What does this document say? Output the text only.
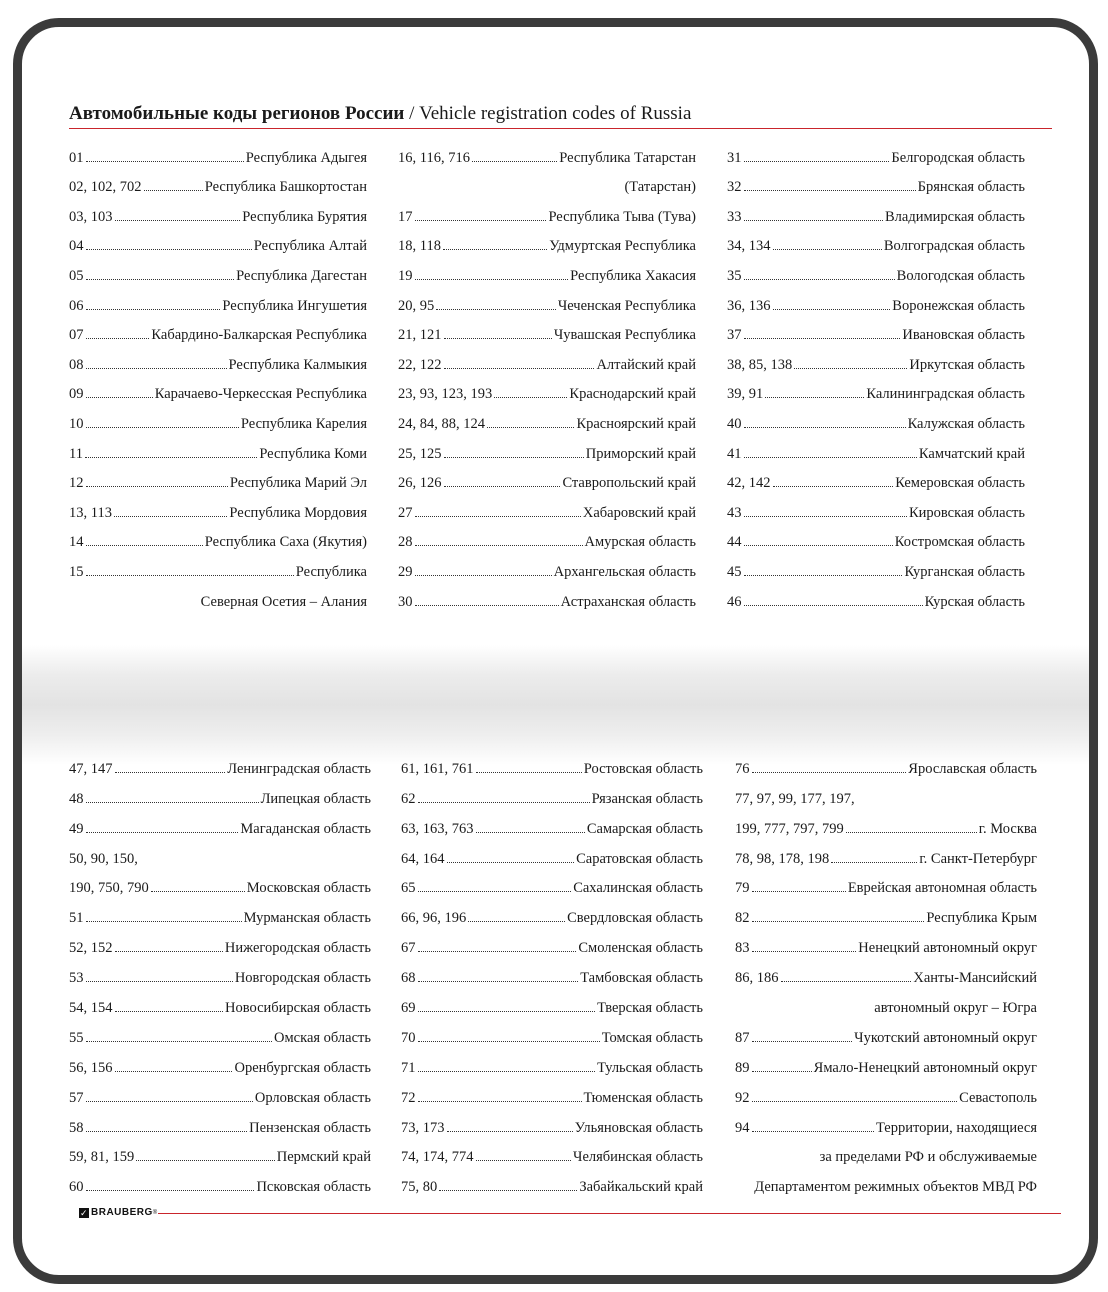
Автомобильные коды регионов России / Vehicle registration codes of Russia
01	Республика Адыгея
02, 102, 702	Республика Башкортостан
03, 103	Республика Бурятия
04	Республика Алтай
05	Республика Дагестан
06	Республика Ингушетия
07	Кабардино-Балкарская Республика
08	Республика Калмыкия
09	Карачаево-Черкесская Республика
10	Республика Карелия
11	Республика Коми
12	Республика Марий Эл
13, 113	Республика Мордовия
14	Республика Саха (Якутия)
15	Республика
Северная Осетия – Алания
16, 116, 716	Республика Татарстан
(Татарстан)
17	Республика Тыва (Тува)
18, 118	Удмуртская Республика
19	Республика Хакасия
20, 95	Чеченская Республика
21, 121	Чувашская Республика
22, 122	Алтайский край
23, 93, 123, 193	Краснодарский край
24, 84, 88, 124	Красноярский край
25, 125	Приморский край
26, 126	Ставропольский край
27	Хабаровский край
28	Амурская область
29	Архангельская область
30	Астраханская область
31	Белгородская область
32	Брянская область
33	Владимирская область
34, 134	Волгоградская область
35	Вологодская область
36, 136	Воронежская область
37	Ивановская область
38, 85, 138	Иркутская область
39, 91	Калининградская область
40	Калужская область
41	Камчатский край
42, 142	Кемеровская область
43	Кировская область
44	Костромская область
45	Курганская область
46	Курская область
47, 147	Ленинградская область
48	Липецкая область
49	Магаданская область
50, 90, 150,
190, 750, 790	Московская область
51	Мурманская область
52, 152	Нижегородская область
53	Новгородская область
54, 154	Новосибирская область
55	Омская область
56, 156	Оренбургская область
57	Орловская область
58	Пензенская область
59, 81, 159	Пермский край
60	Псковская область
61, 161, 761	Ростовская область
62	Рязанская область
63, 163, 763	Самарская область
64, 164	Саратовская область
65	Сахалинская область
66, 96, 196	Свердловская область
67	Смоленская область
68	Тамбовская область
69	Тверская область
70	Томская область
71	Тульская область
72	Тюменская область
73, 173	Ульяновская область
74, 174, 774	Челябинская область
75, 80	Забайкальский край
76	Ярославская область
77, 97, 99, 177, 197,
199, 777, 797, 799	г. Москва
78, 98, 178, 198	г. Санкт-Петербург
79	Еврейская автономная область
82	Республика Крым
83	Ненецкий автономный округ
86, 186	Ханты-Мансийский
автономный округ – Югра
87	Чукотский автономный округ
89	Ямало-Ненецкий автономный округ
92	Севастополь
94	Территории, находящиеся
за пределами РФ и обслуживаемые
Департаментом режимных объектов МВД РФ
✓ BRAUBERG ®
